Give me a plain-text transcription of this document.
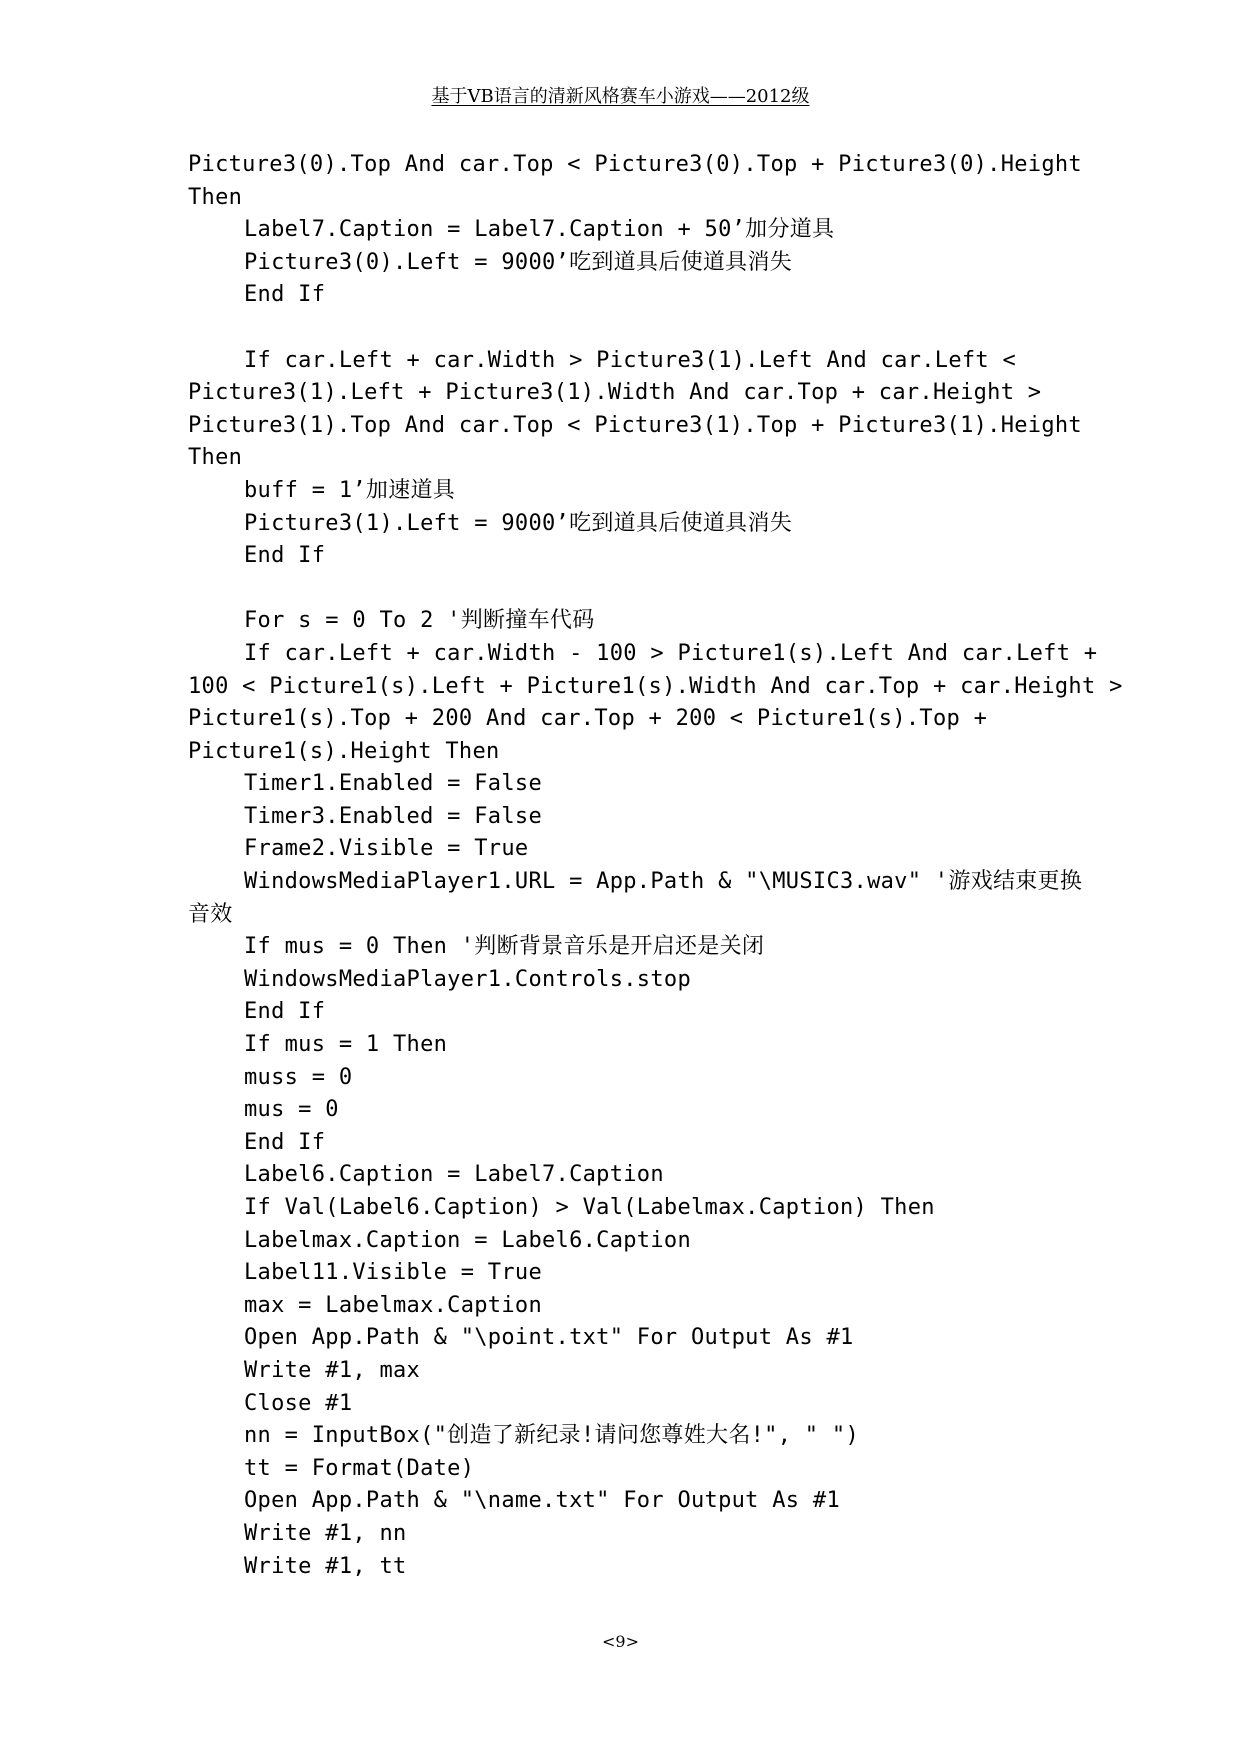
基于VB语言的清新风格赛车小游戏——2012级
Picture3(0).Top And car.Top < Picture3(0).Top + Picture3(0).Height
Then
Label7.Caption = Label7.Caption + 50’加分道具
Picture3(0).Left = 9000’吃到道具后使道具消失
End If
If car.Left + car.Width > Picture3(1).Left And car.Left <
Picture3(1).Left + Picture3(1).Width And car.Top + car.Height >
Picture3(1).Top And car.Top < Picture3(1).Top + Picture3(1).Height
Then
buff = 1’加速道具
Picture3(1).Left = 9000’吃到道具后使道具消失
End If
For s = 0 To 2 '判断撞车代码
If car.Left + car.Width - 100 > Picture1(s).Left And car.Left +
100 < Picture1(s).Left + Picture1(s).Width And car.Top + car.Height >
Picture1(s).Top + 200 And car.Top + 200 < Picture1(s).Top +
Picture1(s).Height Then
Timer1.Enabled = False
Timer3.Enabled = False
Frame2.Visible = True
WindowsMediaPlayer1.URL = App.Path & "\MUSIC3.wav" '游戏结束更换
音效
If mus = 0 Then '判断背景音乐是开启还是关闭
WindowsMediaPlayer1.Controls.stop
End If
If mus = 1 Then
muss = 0
mus = 0
End If
Label6.Caption = Label7.Caption
If Val(Label6.Caption) > Val(Labelmax.Caption) Then
Labelmax.Caption = Label6.Caption
Label11.Visible = True
max = Labelmax.Caption
Open App.Path & "\point.txt" For Output As #1
Write #1, max
Close #1
nn = InputBox("创造了新纪录!请问您尊姓大名!", " ")
tt = Format(Date)
Open App.Path & "\name.txt" For Output As #1
Write #1, nn
Write #1, tt
<9>
